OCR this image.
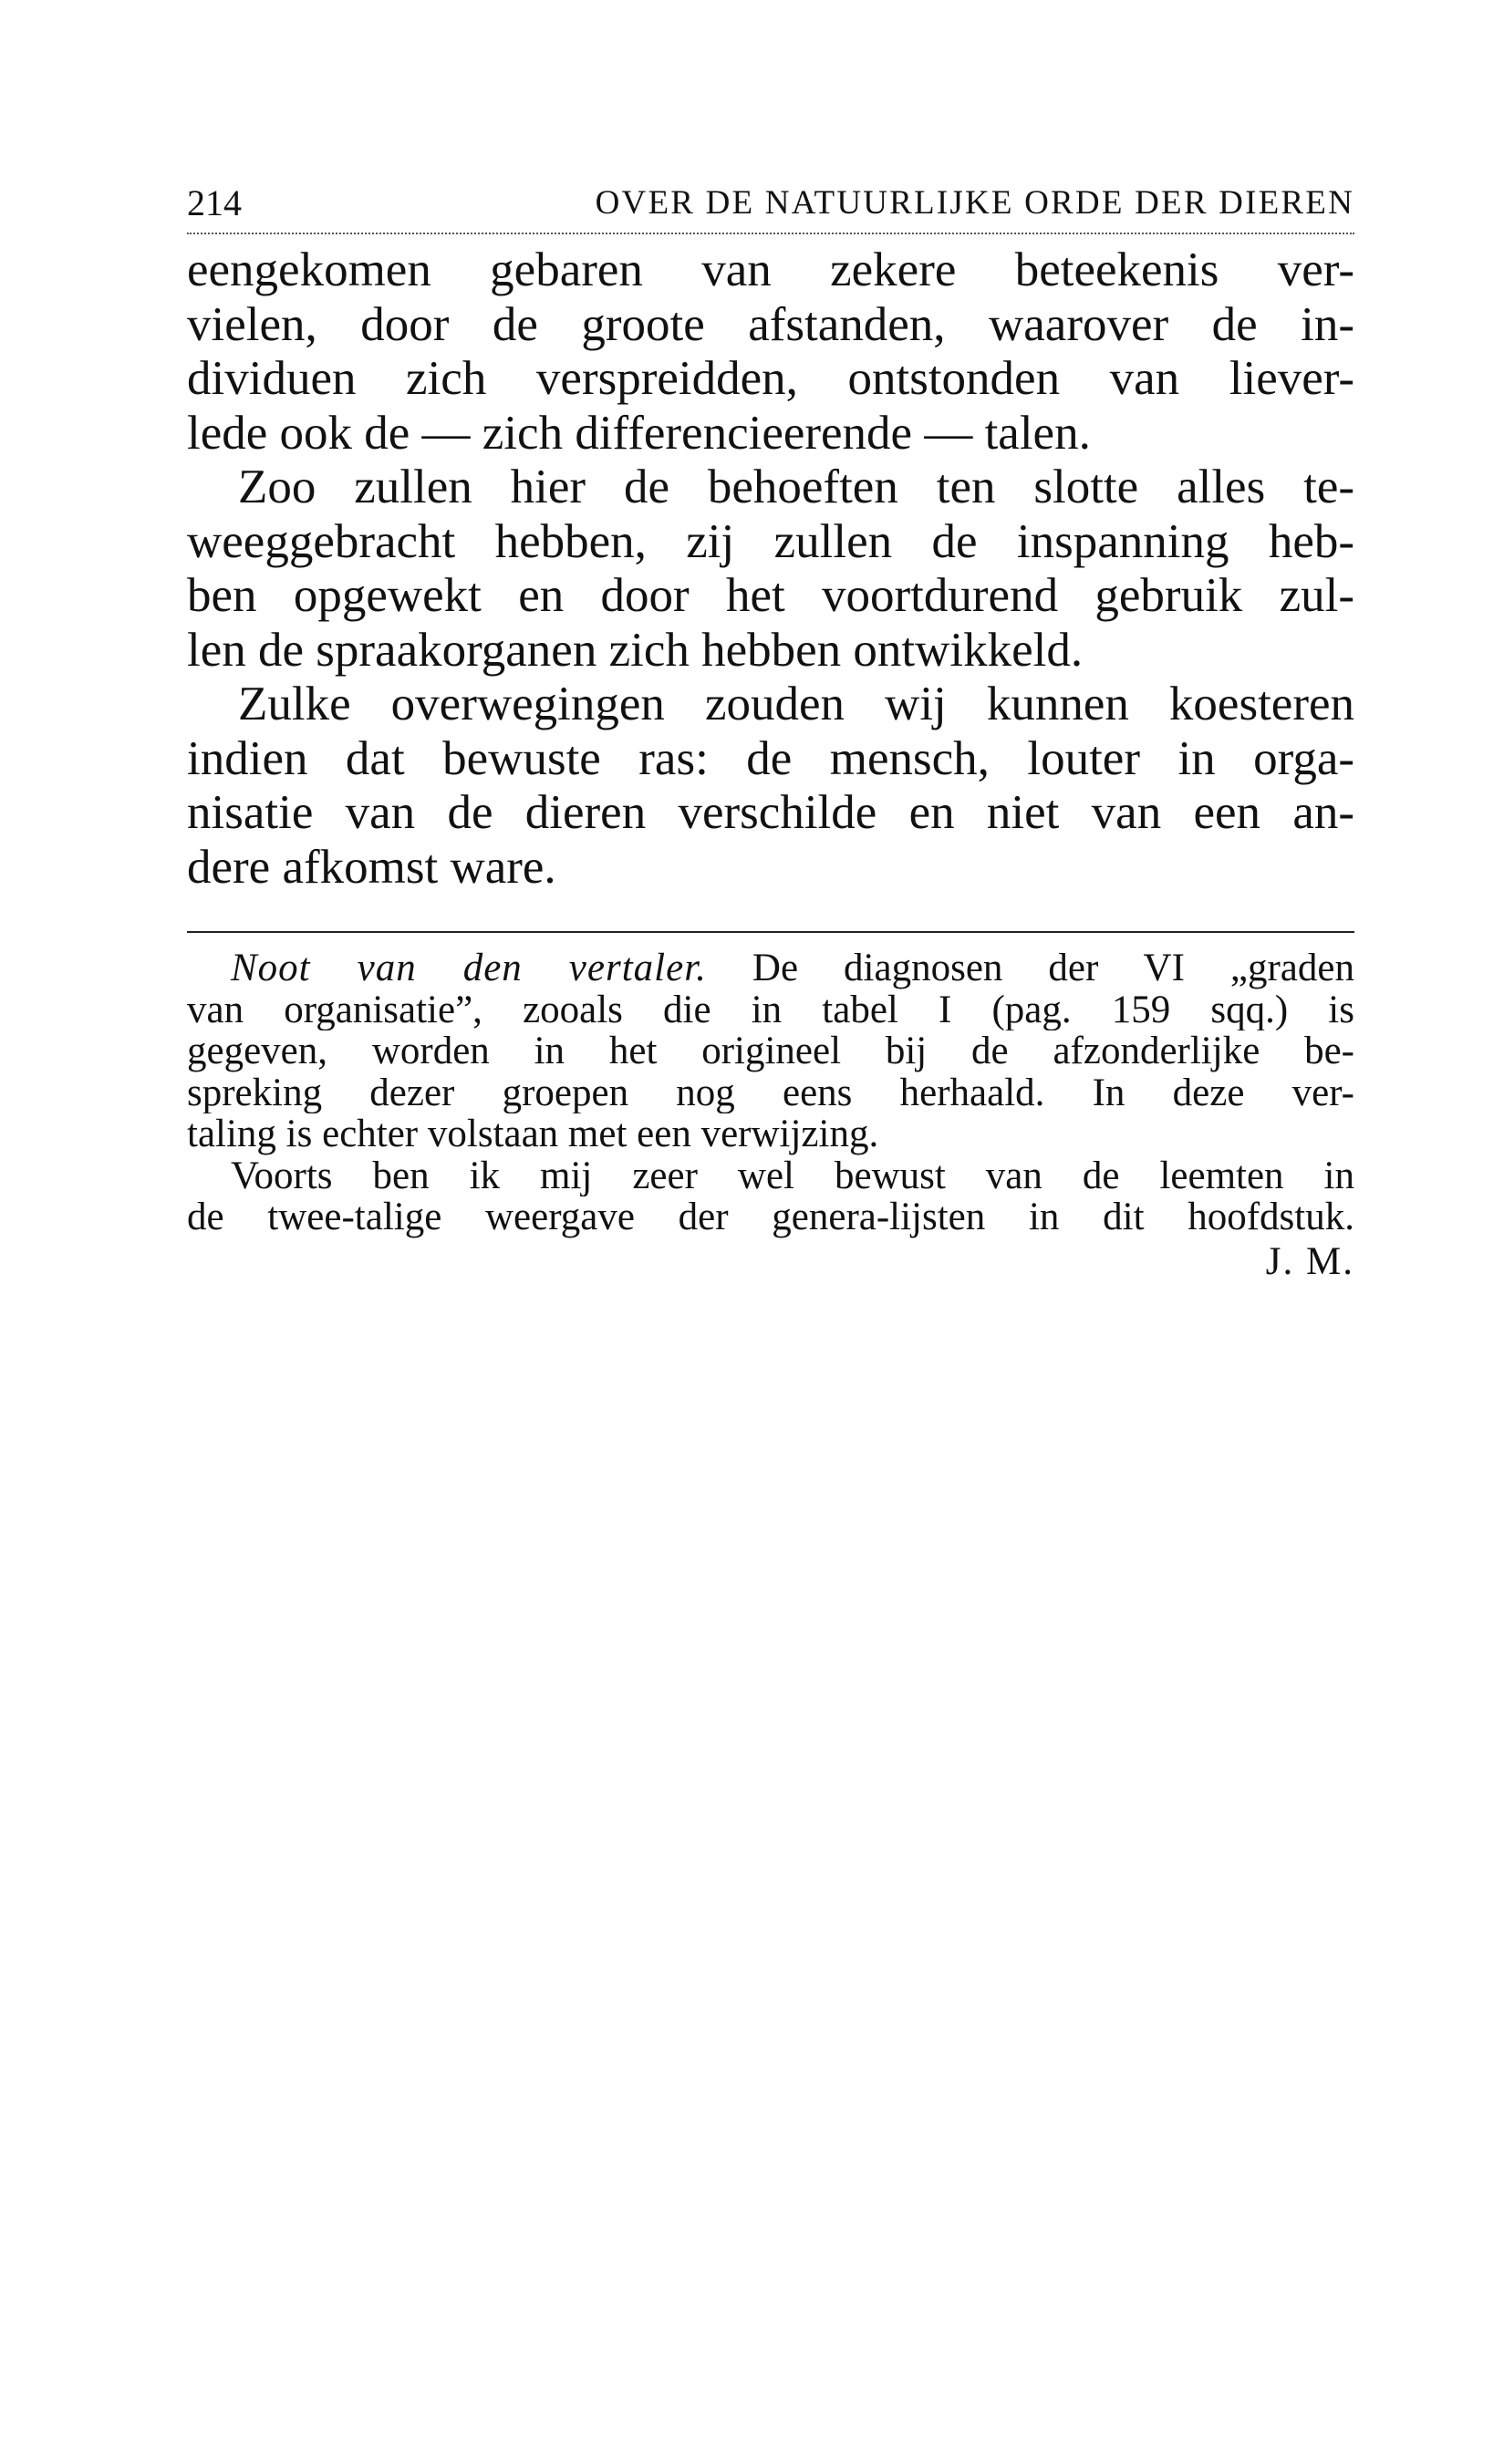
214	OVER DE NATUURLIJKE ORDE DER DIEREN
eengekomen gebaren van zekere beteekenis ver-
vielen, door de groote afstanden, waarover de in-
dividuen zich verspreidden, ontstonden van liever-
lede ook de — zich differencieerende — talen.
Zoo zullen hier de behoeften ten slotte alles te-
weeggebracht hebben, zij zullen de inspanning heb-
ben opgewekt en door het voortdurend gebruik zul-
len de spraakorganen zich hebben ontwikkeld.
Zulke overwegingen zouden wij kunnen koesteren
indien dat bewuste ras: de mensch, louter in orga-
nisatie van de dieren verschilde en niet van een an-
dere afkomst ware.
Noot van den vertaler. De diagnosen der VI „graden
van organisatie”, zooals die in tabel I (pag. 159 sqq.) is
gegeven, worden in het origineel bij de afzonderlijke be-
spreking dezer groepen nog eens herhaald. In deze ver-
taling is echter volstaan met een verwijzing.
Voorts ben ik mij zeer wel bewust van de leemten in
de twee-talige weergave der genera-lijsten in dit hoofdstuk.
J. M.
